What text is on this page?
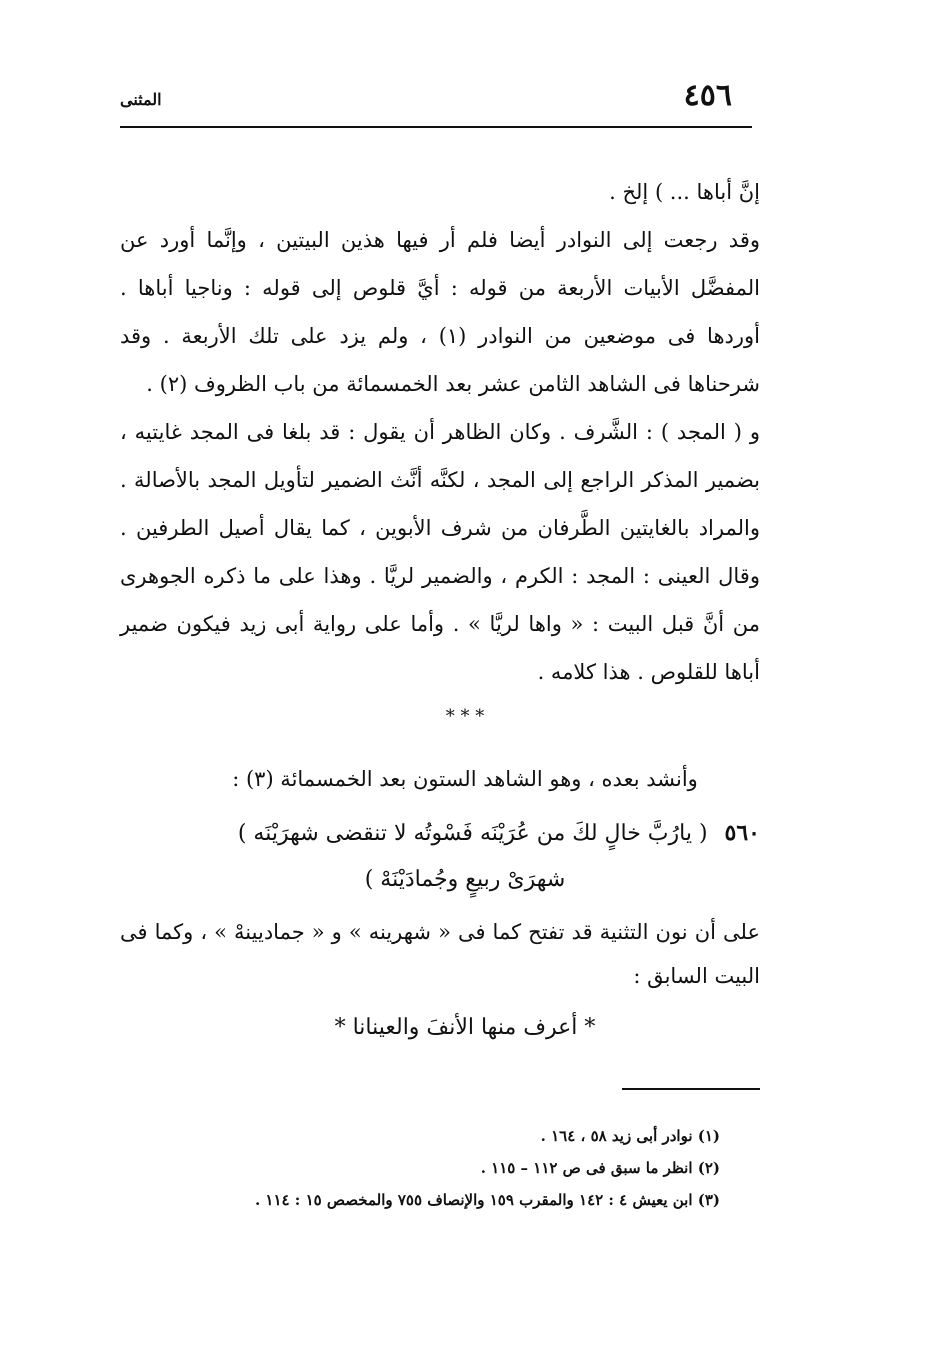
٤٥٦
المثنى

إنَّ أباها ... ) إلخ .

وقد رجعت إلى النوادر أيضا فلم أر فيها هذين البيتين ، وإنَّما أورد عن المفضَّل الأبيات الأربعة من قوله : أيَّ قلوص إلى قوله : وناجيا أباها . أوردها فى موضعين من النوادر (١) ، ولم يزد على تلك الأربعة . وقد شرحناها فى الشاهد الثامن عشر بعد الخمسمائة من باب الظروف (٢) .

و ( المجد ) : الشَّرف . وكان الظاهر أن يقول : قد بلغا فى المجد غايتيه ، بضمير المذكر الراجع إلى المجد ، لكنَّه أنَّث الضمير لتأويل المجد بالأصالة . والمراد بالغايتين الطَّرفان من شرف الأبوين ، كما يقال أصيل الطرفين . وقال العينى : المجد : الكرم ، والضمير لريَّا . وهذا على ما ذكره الجوهرى من أنَّ قبل البيت : « واها لريَّا » . وأما على رواية أبى زيد فيكون ضمير أباها للقلوص . هذا كلامه .

* * *
وأنشد بعده ، وهو الشاهد الستون بعد الخمسمائة (٣) :
٥٦٠ ( يارُبَّ خالٍ لكَ من عُرَيْنَه فَسْوتُه لا تنقضى شهرَيْنَه )
شهرَىْ ربيعٍ وجُمادَيْنَهْ )
على أن نون التثنية قد تفتح كما فى « شهرينه » و « جماديينهْ » ، وكما فى البيت السابق :
* أعرف منها الأنفَ والعينانا *
(١) نوادر أبى زيد ٥٨ ، ١٦٤ .
(٢) انظر ما سبق فى ص ١١٢ – ١١٥ .
(٣) ابن يعيش ٤ : ١٤٢ والمقرب ١٥٩ والإنصاف ٧٥٥ والمخصص ١٥ : ١١٤ .
